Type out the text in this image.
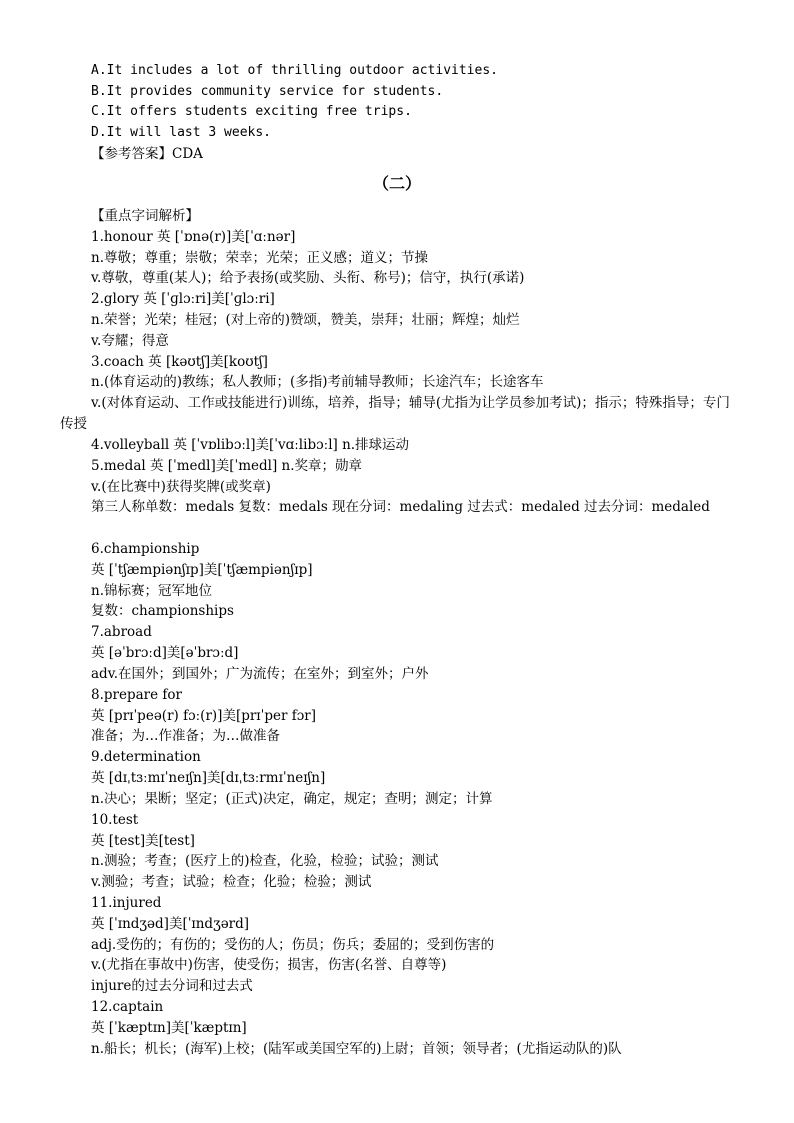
A.It includes a lot of thrilling outdoor activities.
B.It provides community service for students.
C.It offers students exciting free trips.
D.It will last 3 weeks.
【参考答案】CDA
（二）
【重点字词解析】
1.honour 英 [ˈɒnə(r)]美[ˈɑːnər]
n.尊敬；尊重；崇敬；荣幸；光荣；正义感；道义；节操
v.尊敬，尊重(某人)；给予表扬(或奖励、头衔、称号)；信守，执行(承诺)
2.glory 英 [ˈɡlɔːri]美[ˈɡlɔːri]
n.荣誉；光荣；桂冠；(对上帝的)赞颂，赞美，崇拜；壮丽；辉煌；灿烂
v.夸耀；得意
3.coach 英 [kəʊtʃ]美[koʊtʃ]
n.(体育运动的)教练；私人教师；(多指)考前辅导教师；长途汽车；长途客车
v.(对体育运动、工作或技能进行)训练，培养，指导；辅导(尤指为让学员参加考试)；指示；特殊指导；专门传授
4.volleyball 英 [ˈvɒlibɔːl]美[ˈvɑːlibɔːl] n.排球运动
5.medal 英 [ˈmedl]美[ˈmedl] n.奖章；勋章
v.(在比赛中)获得奖牌(或奖章)
第三人称单数：medals 复数：medals 现在分词：medaling 过去式：medaled 过去分词：medaled
6.championship
英 [ˈtʃæmpiənʃɪp]美[ˈtʃæmpiənʃɪp]
n.锦标赛；冠军地位
复数：championships
7.abroad
英 [əˈbrɔːd]美[əˈbrɔːd]
adv.在国外；到国外；广为流传；在室外；到室外；户外
8.prepare for
英 [prɪˈpeə(r) fɔː(r)]美[prɪˈper fɔr]
准备；为…作准备；为…做准备
9.determination
英 [dɪˌtɜːmɪˈneɪʃn]美[dɪˌtɜːrmɪˈneɪʃn]
n.决心；果断；坚定；(正式)决定，确定，规定；查明；测定；计算
10.test
英 [test]美[test]
n.测验；考查；(医疗上的)检查，化验，检验；试验；测试
v.测验；考查；试验；检查；化验；检验；测试
11.injured
英 [ˈɪndʒəd]美[ˈɪndʒərd]
adj.受伤的；有伤的；受伤的人；伤员；伤兵；委屈的；受到伤害的
v.(尤指在事故中)伤害，使受伤；损害，伤害(名誉、自尊等)
injure的过去分词和过去式
12.captain
英 [ˈkæptɪn]美[ˈkæptɪn]
n.船长；机长；(海军)上校；(陆军或美国空军的)上尉；首领；领导者；(尤指运动队的)队
